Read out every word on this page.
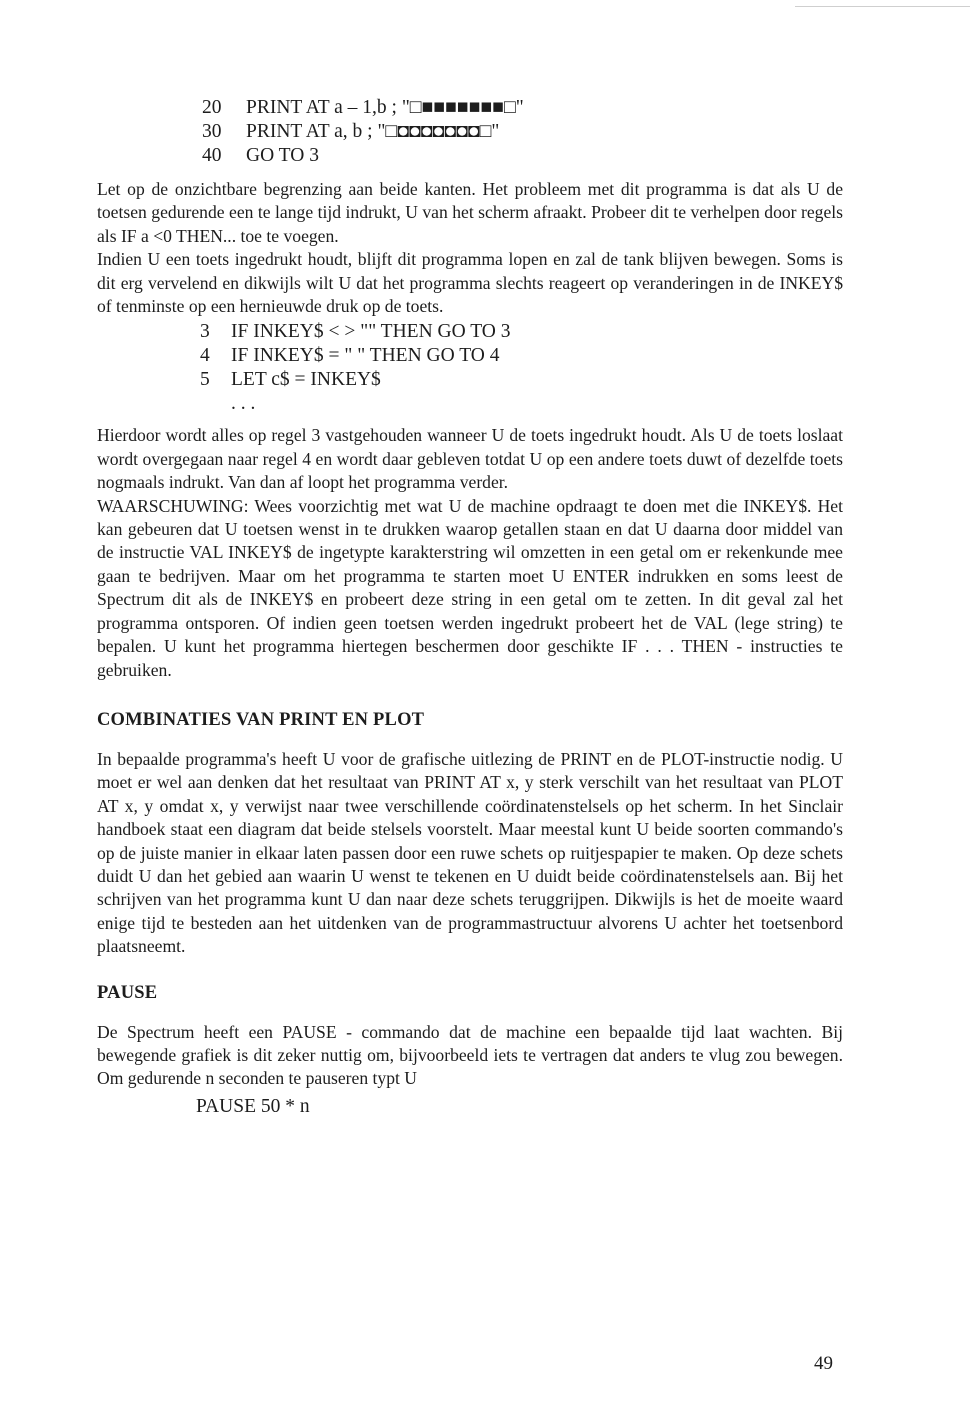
20 PRINT AT a – 1,b ; "□■■■■■■■□"
30 PRINT AT a, b ; "□◘◘◘◘◘◘◘□"
40 GO TO 3

Let op de onzichtbare begrenzing aan beide kanten. Het probleem met dit programma is dat als U de toetsen gedurende een te lange tijd indrukt, U van het scherm afraakt. Probeer dit te verhelpen door regels als IF a <0 THEN... toe te voegen.

Indien U een toets ingedrukt houdt, blijft dit programma lopen en zal de tank blijven bewegen. Soms is dit erg vervelend en dikwijls wilt U dat het programma slechts reageert op veranderingen in de INKEY$ of tenminste op een hernieuwde druk op de toets.

3 IF INKEY$ < > "" THEN GO TO 3
4 IF INKEY$ = " " THEN GO TO 4
5 LET c$ = INKEY$
. . .

Hierdoor wordt alles op regel 3 vastgehouden wanneer U de toets ingedrukt houdt. Als U de toets loslaat wordt overgegaan naar regel 4 en wordt daar gebleven totdat U op een andere toets duwt of dezelfde toets nogmaals indrukt. Van dan af loopt het programma verder.

WAARSCHUWING: Wees voorzichtig met wat U de machine opdraagt te doen met die INKEY$. Het kan gebeuren dat U toetsen wenst in te drukken waarop getallen staan en dat U daarna door middel van de instructie VAL INKEY$ de ingetypte karakterstring wil omzetten in een getal om er rekenkunde mee gaan te bedrijven. Maar om het programma te starten moet U ENTER indrukken en soms leest de Spectrum dit als de INKEY$ en probeert deze string in een getal om te zetten. In dit geval zal het programma ontsporen. Of indien geen toetsen werden ingedrukt probeert het de VAL (lege string) te bepalen. U kunt het programma hiertegen beschermen door geschikte IF . . . THEN - instructies te gebruiken.

COMBINATIES VAN PRINT EN PLOT

In bepaalde programma's heeft U voor de grafische uitlezing de PRINT en de PLOT-instructie nodig. U moet er wel aan denken dat het resultaat van PRINT AT x, y sterk verschilt van het resultaat van PLOT AT x, y omdat x, y verwijst naar twee verschillende coördinatenstelsels op het scherm. In het Sinclair handboek staat een diagram dat beide stelsels voorstelt. Maar meestal kunt U beide soorten commando's op de juiste manier in elkaar laten passen door een ruwe schets op ruitjespapier te maken. Op deze schets duidt U dan het gebied aan waarin U wenst te tekenen en U duidt beide coördinatenstelsels aan. Bij het schrijven van het programma kunt U dan naar deze schets teruggrijpen. Dikwijls is het de moeite waard enige tijd te besteden aan het uitdenken van de programmastructuur alvorens U achter het toetsenbord plaatsneemt.

PAUSE

De Spectrum heeft een PAUSE - commando dat de machine een bepaalde tijd laat wachten. Bij bewegende grafiek is dit zeker nuttig om, bijvoorbeeld iets te vertragen dat anders te vlug zou bewegen. Om gedurende n seconden te pauseren typt U

PAUSE 50 * n
49
